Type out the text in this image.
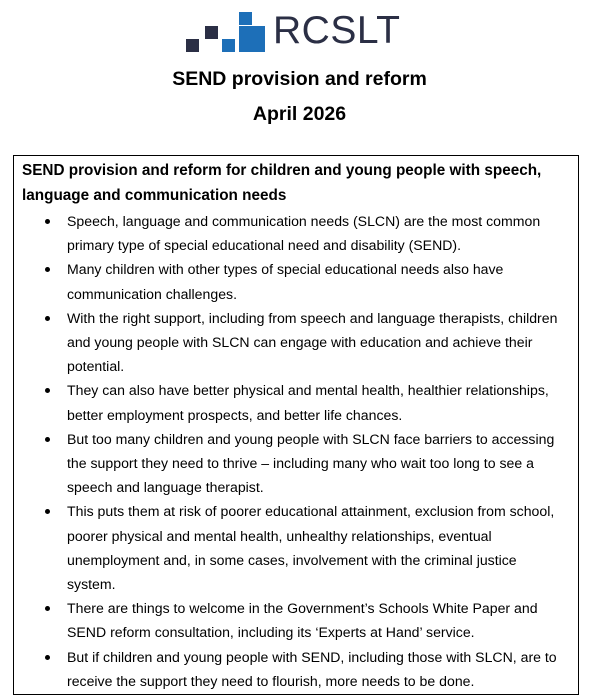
RCSLT
SEND provision and reform
April 2026
SEND provision and reform for children and young people with speech, language and communication needs
Speech, language and communication needs (SLCN) are the most common primary type of special educational need and disability (SEND).
Many children with other types of special educational needs also have communication challenges.
With the right support, including from speech and language therapists, children and young people with SLCN can engage with education and achieve their potential.
They can also have better physical and mental health, healthier relationships, better employment prospects, and better life chances.
But too many children and young people with SLCN face barriers to accessing the support they need to thrive – including many who wait too long to see a speech and language therapist.
This puts them at risk of poorer educational attainment, exclusion from school, poorer physical and mental health, unhealthy relationships, eventual unemployment and, in some cases, involvement with the criminal justice system.
There are things to welcome in the Government’s Schools White Paper and SEND reform consultation, including its ‘Experts at Hand’ service.
But if children and young people with SEND, including those with SLCN, are to receive the support they need to flourish, more needs to be done.
